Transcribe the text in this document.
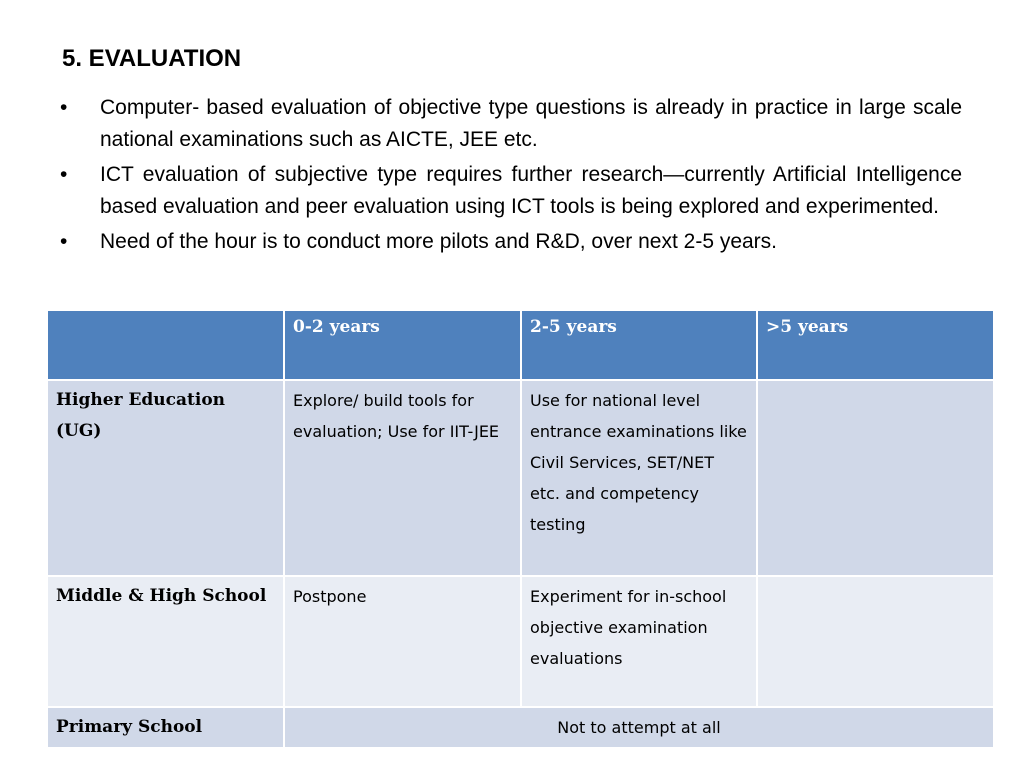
5. EVALUATION
•	Computer- based evaluation of objective type questions is already in practice in large scale national examinations such as AICTE, JEE etc.
•	ICT evaluation of subjective type requires further research—currently Artificial Intelligence based evaluation and peer evaluation using ICT tools is being explored and experimented.
•	Need of the hour is to conduct more pilots and R&D, over next 2-5 years.
	0-2 years	2-5 years	>5 years
Higher Education (UG)	Explore/ build tools for evaluation; Use for IIT-JEE	Use for national level entrance examinations like Civil Services, SET/NET etc. and competency testing	
Middle & High School	Postpone	Experiment for in-school objective examination evaluations	
Primary School	Not to attempt at all		
